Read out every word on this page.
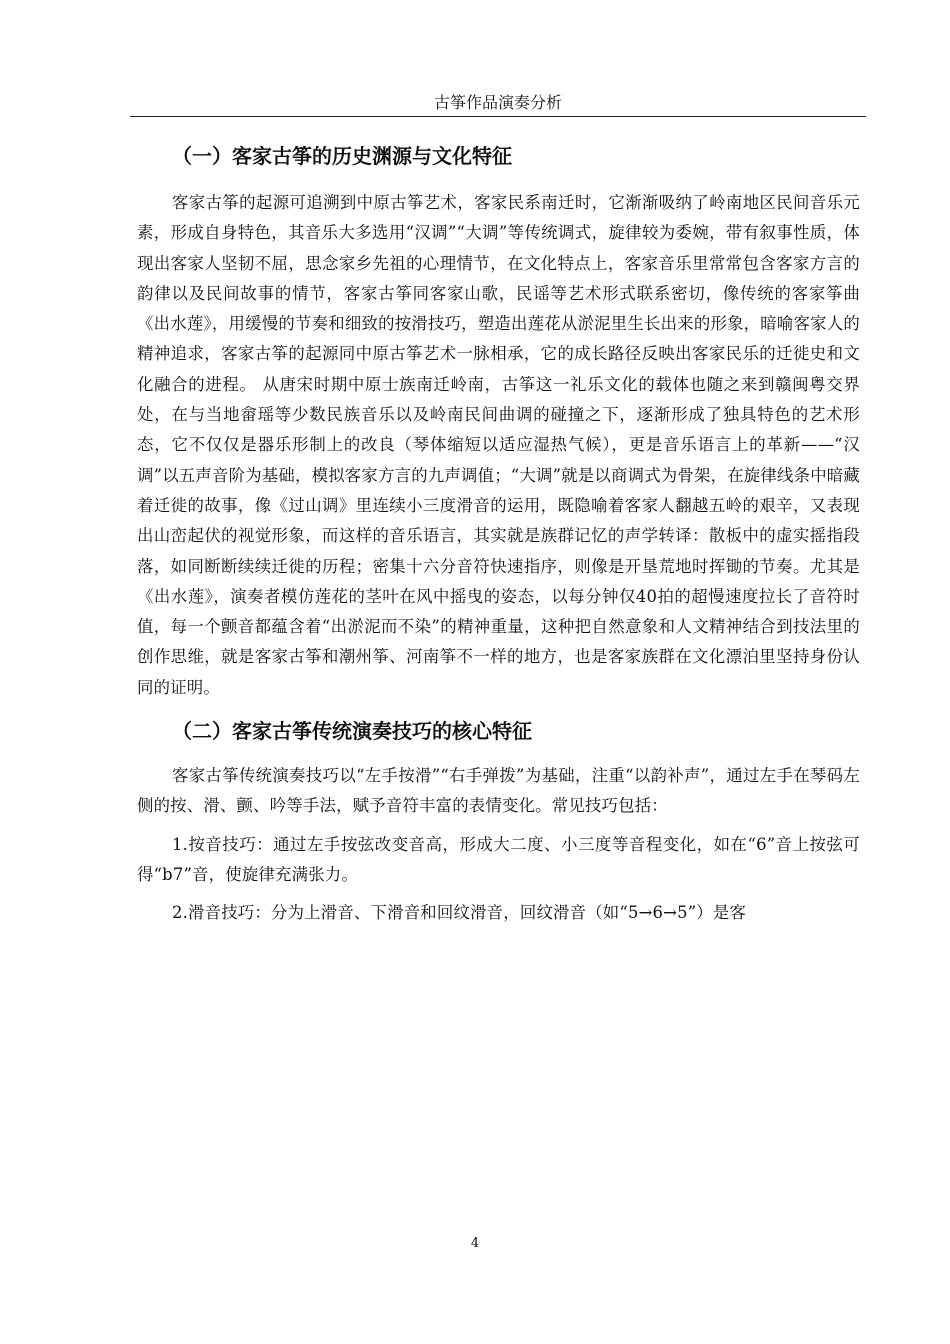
古筝作品演奏分析
（一）客家古筝的历史渊源与文化特征

客家古筝的起源可追溯到中原古筝艺术，客家民系南迁时，它渐渐吸纳了岭南地区民间音乐元素，形成自身特色，其音乐大多选用“汉调”“大调”等传统调式，旋律较为委婉，带有叙事性质，体现出客家人坚韧不屈，思念家乡先祖的心理情节，在文化特点上，客家音乐里常常包含客家方言的韵律以及民间故事的情节，客家古筝同客家山歌，民谣等艺术形式联系密切，像传统的客家筝曲《出水莲》，用缓慢的节奏和细致的按滑技巧，塑造出莲花从淤泥里生长出来的形象，暗喻客家人的精神追求，客家古筝的起源同中原古筝艺术一脉相承，它的成长路径反映出客家民乐的迁徙史和文化融合的进程。 从唐宋时期中原士族南迁岭南，古筝这一礼乐文化的载体也随之来到赣闽粤交界处，在与当地畲瑶等少数民族音乐以及岭南民间曲调的碰撞之下，逐渐形成了独具特色的艺术形态，它不仅仅是器乐形制上的改良（琴体缩短以适应湿热气候），更是音乐语言上的革新——“汉调”以五声音阶为基础，模拟客家方言的九声调值；“大调”就是以商调式为骨架，在旋律线条中暗藏着迁徙的故事，像《过山调》里连续小三度滑音的运用，既隐喻着客家人翻越五岭的艰辛，又表现出山峦起伏的视觉形象，而这样的音乐语言，其实就是族群记忆的声学转译：散板中的虚实摇指段落，如同断断续续迁徙的历程；密集十六分音符快速指序，则像是开垦荒地时挥锄的节奏。尤其是《出水莲》，演奏者模仿莲花的茎叶在风中摇曳的姿态，以每分钟仅40拍的超慢速度拉长了音符时值，每一个颤音都蕴含着“出淤泥而不染”的精神重量，这种把自然意象和人文精神结合到技法里的创作思维，就是客家古筝和潮州筝、河南筝不一样的地方，也是客家族群在文化漂泊里坚持身份认同的证明。

（二）客家古筝传统演奏技巧的核心特征

客家古筝传统演奏技巧以“左手按滑”“右手弹拨”为基础，注重“以韵补声”，通过左手在琴码左侧的按、滑、颤、吟等手法，赋予音符丰富的表情变化。常见技巧包括：

1.按音技巧：通过左手按弦改变音高，形成大二度、小三度等音程变化，如在“6”音上按弦可得“b7”音，使旋律充满张力。

2.滑音技巧：分为上滑音、下滑音和回纹滑音，回纹滑音（如“5→6→5”）是客

4
